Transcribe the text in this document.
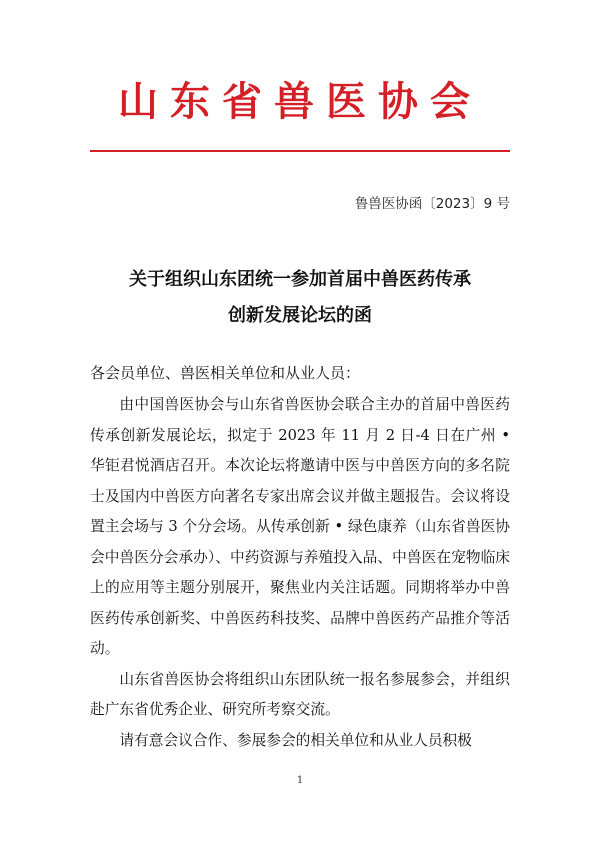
山东省兽医协会
鲁兽医协函〔2023〕9 号
关于组织山东团统一参加首届中兽医药传承
创新发展论坛的函
各会员单位、兽医相关单位和从业人员：

由中国兽医协会与山东省兽医协会联合主办的首届中兽医药传承创新发展论坛，拟定于 2023 年 11 月 2 日-4 日在广州 • 华钜君悦酒店召开。本次论坛将邀请中医与中兽医方向的多名院士及国内中兽医方向著名专家出席会议并做主题报告。会议将设置主会场与 3 个分会场。从传承创新 • 绿色康养（山东省兽医协会中兽医分会承办）、中药资源与养殖投入品、中兽医在宠物临床上的应用等主题分别展开，聚焦业内关注话题。同期将举办中兽医药传承创新奖、中兽医药科技奖、品牌中兽医药产品推介等活动。

山东省兽医协会将组织山东团队统一报名参展参会，并组织赴广东省优秀企业、研究所考察交流。

请有意会议合作、参展参会的相关单位和从业人员积极

1
